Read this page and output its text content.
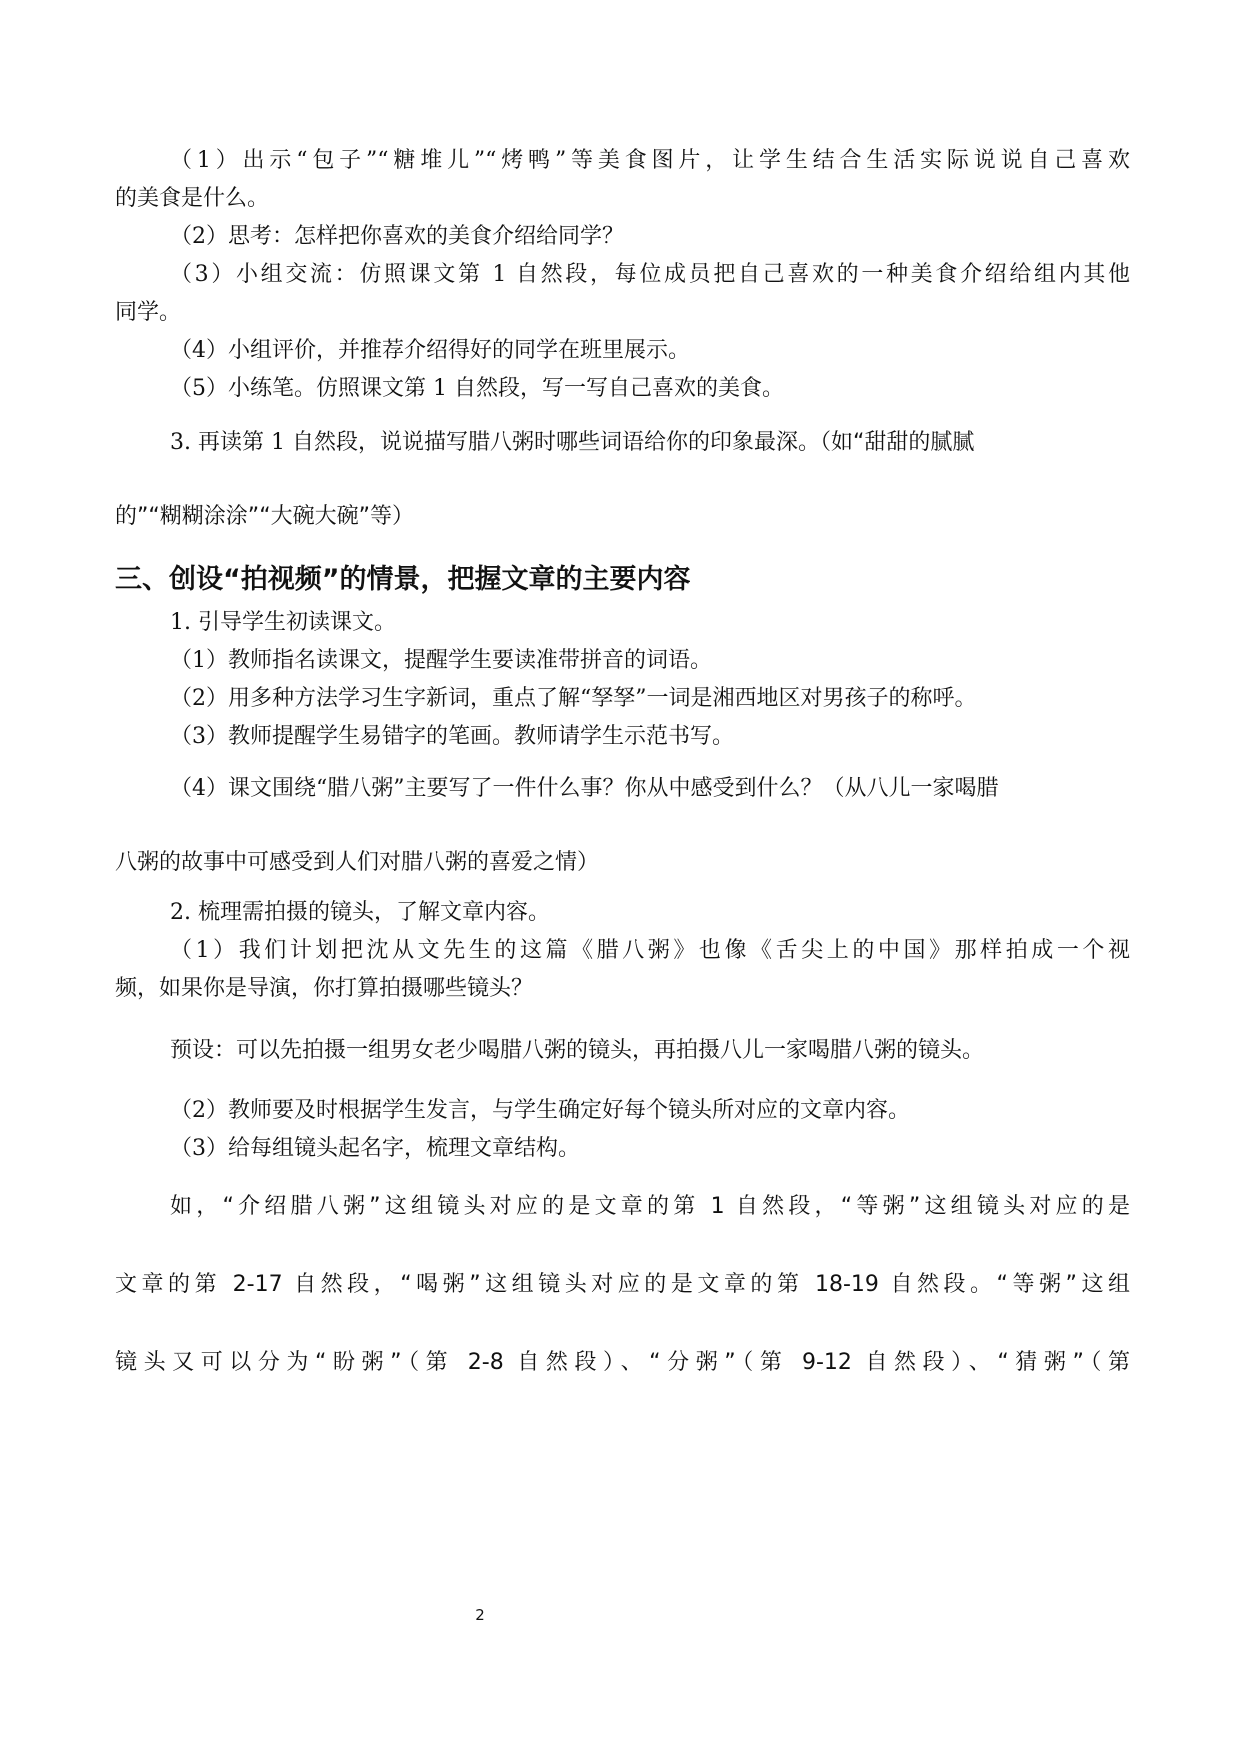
（1）出示“包子”“糖堆儿”“烤鸭”等美食图片，让学生结合生活实际说说自己喜欢

的美食是什么。

（2）思考：怎样把你喜欢的美食介绍给同学？

（3）小组交流：仿照课文第 1 自然段，每位成员把自己喜欢的一种美食介绍给组内其他

同学。

（4）小组评价，并推荐介绍得好的同学在班里展示。

（5）小练笔。仿照课文第 1 自然段，写一写自己喜欢的美食。

3. 再读第 1 自然段，说说描写腊八粥时哪些词语给你的印象最深。（如“甜甜的腻腻

的”“糊糊涂涂”“大碗大碗”等）

三、创设“拍视频”的情景，把握文章的主要内容

1. 引导学生初读课文。

（1）教师指名读课文，提醒学生要读准带拼音的词语。

（2）用多种方法学习生字新词，重点了解“孥孥”一词是湘西地区对男孩子的称呼。

（3）教师提醒学生易错字的笔画。教师请学生示范书写。

（4）课文围绕“腊八粥”主要写了一件什么事？你从中感受到什么？（从八儿一家喝腊

八粥的故事中可感受到人们对腊八粥的喜爱之情）

2. 梳理需拍摄的镜头，了解文章内容。

（1）我们计划把沈从文先生的这篇《腊八粥》也像《舌尖上的中国》那样拍成一个视

频，如果你是导演，你打算拍摄哪些镜头？

预设：可以先拍摄一组男女老少喝腊八粥的镜头，再拍摄八儿一家喝腊八粥的镜头。

（2）教师要及时根据学生发言，与学生确定好每个镜头所对应的文章内容。

（3）给每组镜头起名字，梳理文章结构。

如，“介绍腊八粥”这组镜头对应的是文章的第 1 自然段，“等粥”这组镜头对应的是

文章的第 2-17 自然段，“喝粥”这组镜头对应的是文章的第 18-19 自然段。“等粥”这组

镜头又可以分为“盼粥”（第 2-8 自然段）、“分粥”（第 9-12 自然段）、“猜粥”（第

2
